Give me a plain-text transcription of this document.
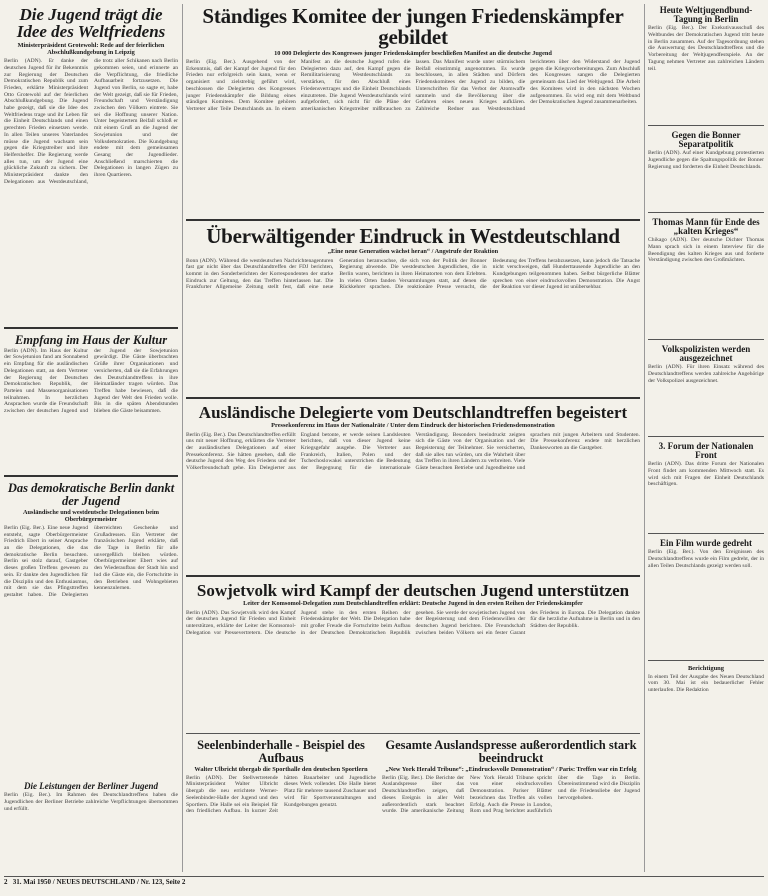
Die Jugend trägt die Idee des Weltfriedens
Ministerpräsident Grotewohl: Rede auf der feierlichen Abschlußkundgebung in Leipzig

Berlin (ADN). Er danke der deutschen Jugend für ihr Bekenntnis zur Regierung der Deutschen Demokratischen Republik und zum Frieden, erklärte Ministerpräsident Otto Grotewohl auf der feierlichen Abschlußkundgebung. Die Jugend habe gezeigt, daß sie die Idee des Weltfriedens trage und ihr Leben für die Einheit Deutschlands und einen gerechten Frieden einsetzen werde. In allen Teilen unseres Vaterlandes müsse die Jugend wachsam sein gegen die Kriegstreiber und ihre Helfershelfer. Die Regierung werde alles tun, um der Jugend eine glückliche Zukunft zu sichern. Der Ministerpräsident dankte den Delegationen aus Westdeutschland, die trotz aller Schikanen nach Berlin gekommen seien, und erinnerte an die Verpflichtung, die friedliche Aufbauarbeit fortzusetzen. Die Jugend von Berlin, so sagte er, habe der Welt gezeigt, daß sie für Frieden, Freundschaft und Verständigung zwischen den Völkern eintrete. Sie sei die Hoffnung unserer Nation. Unter begeistertem Beifall schloß er mit einem Gruß an die Jugend der Sowjetunion und der Volksdemokratien. Die Kundgebung endete mit dem gemeinsamen Gesang der Jugendlieder. Anschließend marschierten die Delegationen in langen Zügen zu ihren Quartieren.

Empfang im Haus der Kultur

Berlin (ADN). Im Haus der Kultur der Sowjetunion fand am Sonnabend ein Empfang für die ausländischen Delegationen statt, an dem Vertreter der Regierung der Deutschen Demokratischen Republik, der Parteien und Massenorganisationen teilnahmen. In herzlichen Ansprachen wurde die Freundschaft zwischen der deutschen Jugend und der Jugend der Sowjetunion gewürdigt. Die Gäste überbrachten Grüße ihrer Organisationen und versicherten, daß sie die Erfahrungen des Deutschlandtreffens in ihre Heimatländer tragen würden. Das Treffen habe bewiesen, daß die Jugend der Welt den Frieden wolle. Bis in die späten Abendstunden blieben die Gäste beisammen.

Das demokratische Berlin dankt der Jugend
Ausländische und westdeutsche Delegationen beim Oberbürgermeister

Berlin (Eig. Ber.). Eine neue Jugend entsteht, sagte Oberbürgermeister Friedrich Ebert in seiner Ansprache an die Delegationen, die das demokratische Berlin besuchten. Berlin sei stolz darauf, Gastgeber dieses großen Treffens gewesen zu sein. Er dankte den Jugendlichen für die Disziplin und den Enthusiasmus, mit dem sie das Pfingsttreffen gestaltet haben. Die Delegierten überreichten Geschenke und Grußadressen. Ein Vertreter der französischen Jugend erklärte, daß die Tage in Berlin für alle unvergeßlich bleiben würden. Oberbürgermeister Ebert wies auf den Wiederaufbau der Stadt hin und lud die Gäste ein, die Fortschritte in den Betrieben und Wohngebieten kennenzulernen.

Die Leistungen der Berliner Jugend

Berlin (Eig. Ber.). Im Rahmen des Deutschlandtreffens haben die Jugendlichen der Berliner Betriebe zahlreiche Verpflichtungen übernommen und erfüllt.

Ständiges Komitee der jungen Friedenskämpfer gebildet
10 000 Delegierte des Kongresses junger Friedenskämpfer beschließen Manifest an die deutsche Jugend

Berlin (Eig. Ber.). Ausgehend von der Erkenntnis, daß der Kampf der Jugend für den Frieden nur erfolgreich sein kann, wenn er organisiert und zielstrebig geführt wird, beschlossen die Delegierten des Kongresses junger Friedenskämpfer die Bildung eines ständigen Komitees. Dem Komitee gehören Vertreter aller Teile Deutschlands an. In einem Manifest an die deutsche Jugend rufen die Delegierten dazu auf, den Kampf gegen die Remilitarisierung Westdeutschlands zu verstärken, für den Abschluß eines Friedensvertrages und die Einheit Deutschlands einzutreten. Die Jugend Westdeutschlands wird aufgefordert, sich nicht für die Pläne der amerikanischen Kriegstreiber mißbrauchen zu lassen. Das Manifest wurde unter stürmischem Beifall einstimmig angenommen. Es wurde beschlossen, in allen Städten und Dörfern Friedenskomitees der Jugend zu bilden, die Unterschriften für das Verbot der Atomwaffe sammeln und die Bevölkerung über die Gefahren eines neuen Krieges aufklären. Zahlreiche Redner aus Westdeutschland berichteten über den Widerstand der Jugend gegen die Kriegsvorbereitungen. Zum Abschluß des Kongresses sangen die Delegierten gemeinsam das Lied der Weltjugend. Die Arbeit des Komitees wird in den nächsten Wochen aufgenommen. Es wird eng mit dem Weltbund der Demokratischen Jugend zusammenarbeiten.

Überwältigender Eindruck in Westdeutschland
„Eine neue Generation wächst heran“ / Angstrufe der Reaktion

Bonn (ADN). Während die westdeutschen Nachrichtenagenturen fast gar nicht über das Deutschlandtreffen der FDJ berichten, kommt in den Sonderberichten der Korrespondenten der starke Eindruck zur Geltung, den das Treffen hinterlassen hat. Die Frankfurter Allgemeine Zeitung stellt fest, daß eine neue Generation heranwachse, die sich von der Politik der Bonner Regierung abwende. Die westdeutschen Jugendlichen, die in Berlin waren, berichten in ihren Heimatorten von dem Erlebten. In vielen Orten fanden Versammlungen statt, auf denen die Rückkehrer sprachen. Die reaktionäre Presse versucht, die Bedeutung des Treffens herabzusetzen, kann jedoch die Tatsache nicht verschweigen, daß Hunderttausende Jugendliche an den Kundgebungen teilgenommen haben. Selbst bürgerliche Blätter sprechen von einer eindrucksvollen Demonstration. Die Angst der Reaktion vor dieser Jugend ist unübersehbar.

Ausländische Delegierte vom Deutschlandtreffen begeistert
Pressekonferenz im Haus der Nationalräte / Unter dem Eindruck der historischen Friedensdemonstration

Berlin (Eig. Ber.). Das Deutschlandtreffen erfüllt uns mit neuer Hoffnung, erklärten die Vertreter der ausländischen Delegationen auf einer Pressekonferenz. Sie hätten gesehen, daß die deutsche Jugend den Weg des Friedens und der Völkerfreundschaft gehe. Ein Delegierter aus England betonte, er werde seinen Landsleuten berichten, daß von dieser Jugend keine Kriegsgefahr ausgehe. Die Vertreter aus Frankreich, Italien, Polen und der Tschechoslowakei unterstrichen die Bedeutung der Begegnung für die internationale Verständigung. Besonders beeindruckt zeigten sich die Gäste von der Organisation und der Begeisterung der Teilnehmer. Sie versicherten, daß sie alles tun würden, um die Wahrheit über das Treffen in ihren Ländern zu verbreiten. Viele Gäste besuchten Betriebe und Jugendheime und sprachen mit jungen Arbeitern und Studenten. Die Pressekonferenz endete mit herzlichen Dankesworten an die Gastgeber.

Sowjetvolk wird Kampf der deutschen Jugend unterstützen
Leiter der Komsomol-Delegation zum Deutschlandtreffen erklärt: Deutsche Jugend in den ersten Reihen der Friedenskämpfer

Berlin (ADN). Das Sowjetvolk wird den Kampf der deutschen Jugend für Frieden und Einheit unterstützen, erklärte der Leiter der Komsomol-Delegation vor Pressevertretern. Die deutsche Jugend stehe in den ersten Reihen der Friedenskämpfer der Welt. Die Delegation habe mit großer Freude die Fortschritte beim Aufbau in der Deutschen Demokratischen Republik gesehen. Sie werde der sowjetischen Jugend von der Begeisterung und dem Friedenswillen der deutschen Jugend berichten. Die Freundschaft zwischen beiden Völkern sei ein fester Garant des Friedens in Europa. Die Delegation dankte für die herzliche Aufnahme in Berlin und in den Städten der Republik.

Seelenbinderhalle - Beispiel des Aufbaus
Walter Ulbricht übergab die Sporthalle den deutschen Sportlern

Berlin (ADN). Der Stellvertretende Ministerpräsident Walter Ulbricht übergab die neu errichtete Werner-Seelenbinder-Halle der Jugend und den Sportlern. Die Halle sei ein Beispiel für den friedlichen Aufbau. In kurzer Zeit hätten Bauarbeiter und Jugendliche dieses Werk vollendet. Die Halle bietet Platz für mehrere tausend Zuschauer und wird für Sportveranstaltungen und Kundgebungen genutzt.

Gesamte Auslandspresse außerordentlich stark beeindruckt
„New York Herald Tribune“: „Eindrucksvolle Demonstration“ / Paris: Treffen war ein Erfolg

Berlin (Eig. Ber.). Die Berichte der Auslandspresse über das Deutschlandtreffen zeigen, daß dieses Ereignis in aller Welt außerordentlich stark beachtet wurde. Die amerikanische Zeitung New York Herald Tribune spricht von einer eindrucksvollen Demonstration. Pariser Blätter bezeichnen das Treffen als vollen Erfolg. Auch die Presse in London, Rom und Prag berichtet ausführlich über die Tage in Berlin. Übereinstimmend wird die Disziplin und die Friedensliebe der Jugend hervorgehoben.

Heute Weltjugendbund-Tagung in Berlin

Berlin (Eig. Ber.). Der Exekutivausschuß des Weltbundes der Demokratischen Jugend tritt heute in Berlin zusammen. Auf der Tagesordnung stehen die Auswertung des Deutschlandtreffens und die Vorbereitung der Weltjugendfestspiele. An der Tagung nehmen Vertreter aus zahlreichen Ländern teil.

Gegen die Bonner Separatpolitik

Berlin (ADN). Auf einer Kundgebung protestierten Jugendliche gegen die Spaltungspolitik der Bonner Regierung und forderten die Einheit Deutschlands.

Thomas Mann für Ende des „kalten Krieges“

Chikago (ADN). Der deutsche Dichter Thomas Mann sprach sich in einem Interview für die Beendigung des kalten Krieges aus und forderte Verständigung zwischen den Großmächten.

Volkspolizisten werden ausgezeichnet

Berlin (ADN). Für ihren Einsatz während des Deutschlandtreffens werden zahlreiche Angehörige der Volkspolizei ausgezeichnet.

3. Forum der Nationalen Front

Berlin (ADN). Das dritte Forum der Nationalen Front findet am kommenden Mittwoch statt. Es wird sich mit Fragen der Einheit Deutschlands beschäftigen.

Ein Film wurde gedreht

Berlin (Eig. Ber.). Von den Ereignissen des Deutschlandtreffens wurde ein Film gedreht, der in allen Teilen Deutschlands gezeigt werden soll.

Berichtigung

In einem Teil der Ausgabe des Neuen Deutschland vom 30. Mai ist ein bedauerlicher Fehler unterlaufen. Die Redaktion

2 31. Mai 1950 / NEUES DEUTSCHLAND / Nr. 123, Seite 2
